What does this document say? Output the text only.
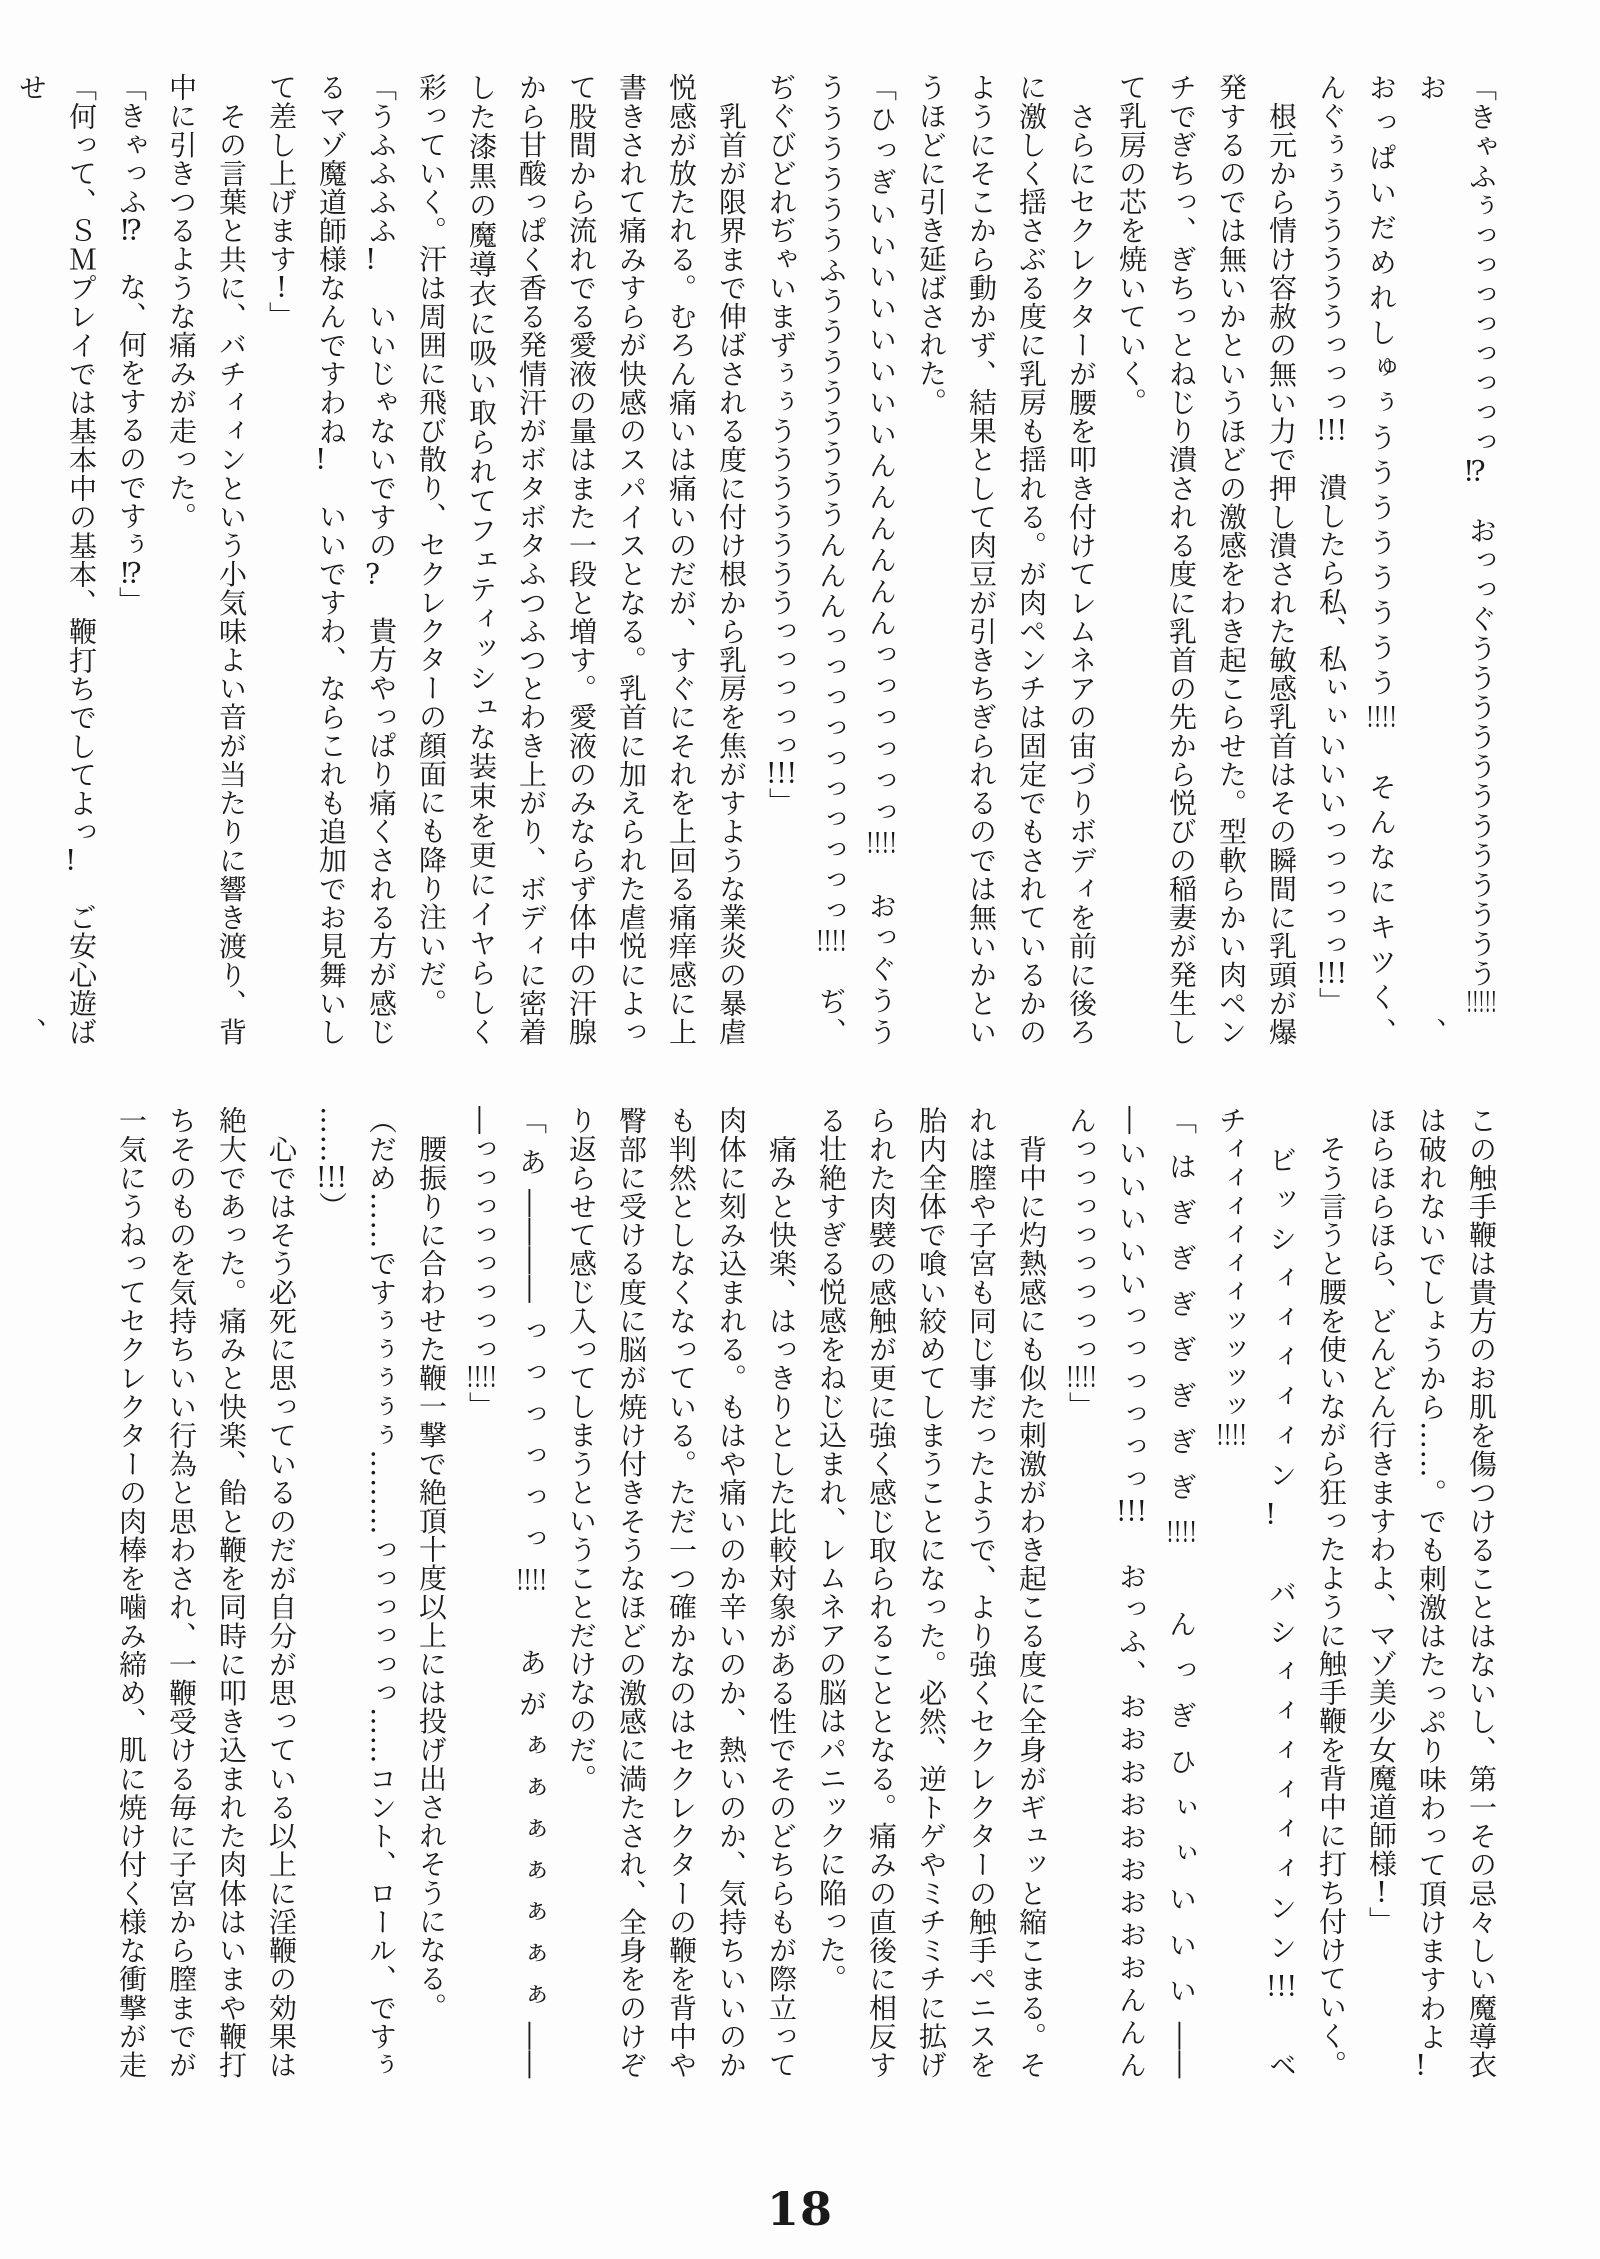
「きゃふぅっっっっっっっっ⁉　おっっぐうううううううううううう!!!!!　お、
おっぱいだめれしゅぅうううううううう!!!!　そんなにキツく、
んぐぅぅうううううっっっ!!!　潰したら私、私ぃぃいいいっっっっっ!!!」
　根元から情け容赦の無い力で押し潰された敏感乳首はその瞬間に乳頭が爆
発するのでは無いかというほどの激感をわき起こらせた。型軟らかい肉ペン
チでぎちっ、ぎちっとねじり潰される度に乳首の先から悦びの稲妻が発生し
て乳房の芯を焼いていく。
　さらにセクレクターが腰を叩き付けてレムネアの宙づりボディを前に後ろ
に激しく揺さぶる度に乳房も揺れる。が肉ペンチは固定でもされているかの
ようにそこから動かず、結果として肉豆が引きちぎられるのでは無いかとい
うほどに引き延ばされた。
「ひっぎいいいいいいいいんんんんんんっっっっっっ!!!!　おっぐうう
ううううううふううううううううんんんっっっっっっっっっっ!!!!　ぢ、
ぢぐびどれぢゃいまずぅぅうううううううっっっっっ!!!」
　乳首が限界まで伸ばされる度に付け根から乳房を焦がすような業炎の暴虐
悦感が放たれる。むろん痛いは痛いのだが、すぐにそれを上回る痛痒感に上
書きされて痛みすらが快感のスパイスとなる。乳首に加えられた虐悦によっ
て股間から流れでる愛液の量はまた一段と増す。愛液のみならず体中の汗腺
から甘酸っぱく香る発情汗がボタボタふつふつとわき上がり、ボディに密着
した漆黒の魔導衣に吸い取られてフェティッシュな装束を更にイヤらしく
彩っていく。汗は周囲に飛び散り、セクレクターの顔面にも降り注いだ。
「うふふふふ!　いいじゃないですの?　貴方やっぱり痛くされる方が感じ
るマゾ魔道師様なんですわね!　いいですわ、ならこれも追加でお見舞いし
て差し上げます!」
　その言葉と共に、バチィィンという小気味よい音が当たりに響き渡り、背
中に引きつるような痛みが走った。
「きゃっふ⁉　な、何をするのですぅ⁉」
「何って、ＳＭプレイでは基本中の基本、鞭打ちでしてよっ!　ご安心遊ばせ、
この触手鞭は貴方のお肌を傷つけることはないし、第一その忌々しい魔導衣
は破れないでしょうから……。でも刺激はたっぷり味わって頂けますわよ!
ほらほらほら、どんどん行きますわよ、マゾ美少女魔道師様!」
　そう言うと腰を使いながら狂ったように触手鞭を背中に打ち付けていく。
　ビッシィィィィィン!　バシィィィィィィンン!!!　ベ
チィィィィィィッッッッ!!!!
「はぎぎぎぎぎぎぎ!!!!　んっぎひぃぃいいい――
―いいいいいっっっっっっ!!!　おっふ、おおおおおおおおおんんん
んっっっっっっっっ!!!!」
　背中に灼熱感にも似た刺激がわき起こる度に全身がギュッと縮こまる。そ
れは膣や子宮も同じ事だったようで、より強くセクレクターの触手ペニスを
胎内全体で喰い絞めてしまうことになった。必然、逆トゲやミチミチに拡げ
られた肉襞の感触が更に強く感じ取られることとなる。痛みの直後に相反す
る壮絶すぎる悦感をねじ込まれ、レムネアの脳はパニックに陥った。
　痛みと快楽、はっきりとした比較対象がある性でそのどちらもが際立って
肉体に刻み込まれる。もはや痛いのか辛いのか、熱いのか、気持ちいいのか
も判然としなくなっている。ただ一つ確かなのはセクレクターの鞭を背中や
臀部に受ける度に脳が焼け付きそうなほどの激感に満たされ、全身をのけぞ
り返らせて感じ入ってしまうということだけなのだ。
「あ――――っっっっっっ!!!!　あがぁぁぁぁぁぁぁ――
―っっっっっっっっ!!!!」
　腰振りに合わせた鞭一撃で絶頂十度以上には投げ出されそうになる。
（だめ……ですぅぅぅぅぅ………っっっっっっ……コント、ロール、ですぅ
……!!!）
　心ではそう必死に思っているのだが自分が思っている以上に淫鞭の効果は
絶大であった。痛みと快楽、飴と鞭を同時に叩き込まれた肉体はいまや鞭打
ちそのものを気持ちいい行為と思わされ、一鞭受ける毎に子宮から膣までが
一気にうねってセクレクターの肉棒を噛み締め、肌に焼け付く様な衝撃が走
18
